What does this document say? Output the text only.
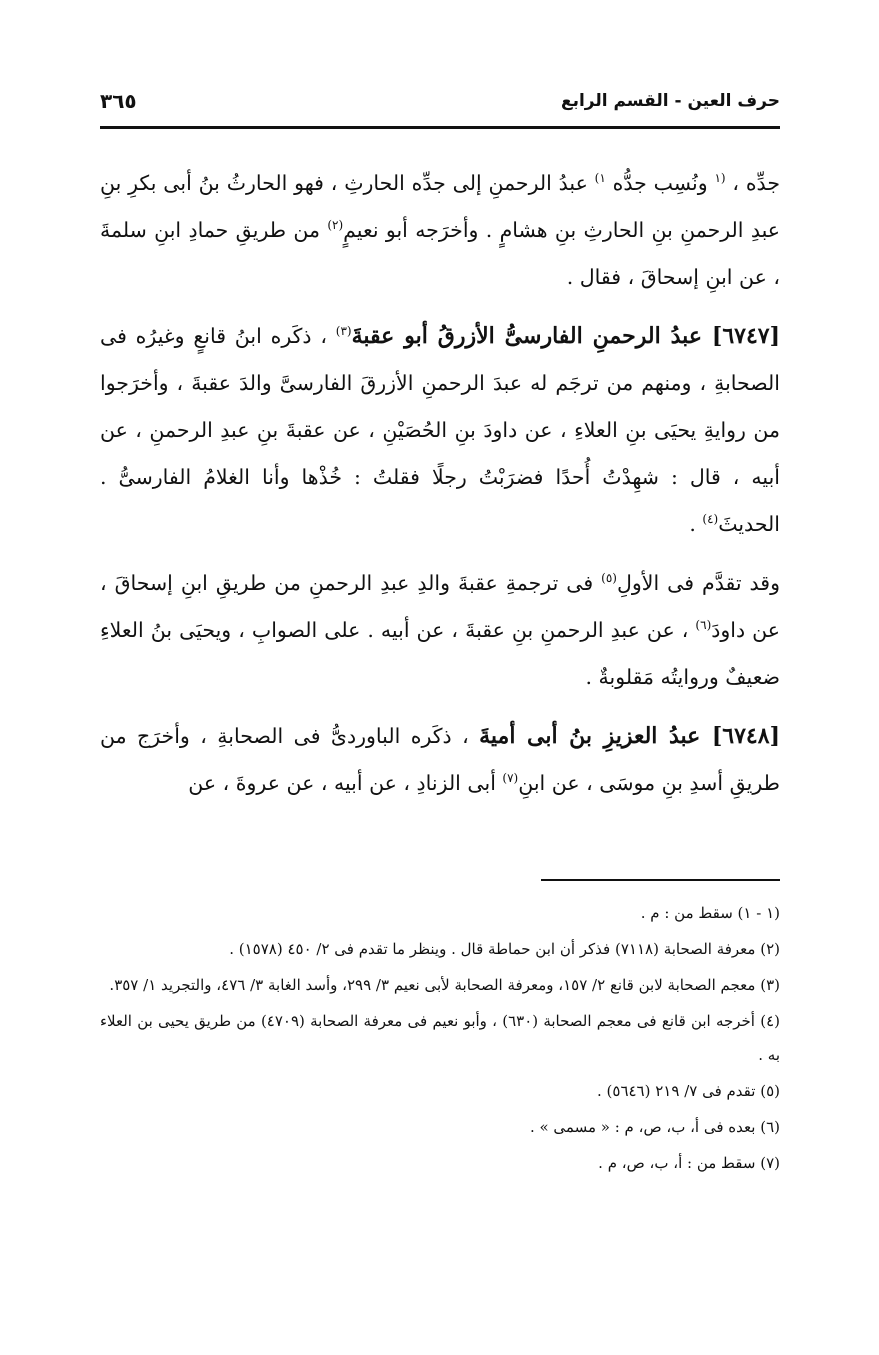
حرف العين - القسم الرابع
٣٦٥

جدِّه ، $^{(١}$ ونُسِب جدُّه $^{١)}$ عبدُ الرحمنِ إلى جدِّه الحارثِ ، فهو الحارثُ بنُ أبى بكرِ بنِ عبدِ الرحمنِ بنِ الحارثِ بنِ هشامٍ . وأخرَجه أبو نعيمٍ$^{(٢)}$ من طريقِ حمادِ ابنِ سلمةَ ، عن ابنِ إسحاقَ ، فقال .

[٦٧٤٧] عبدُ الرحمنِ الفارسىُّ الأزرقُ أبو عقبةَ$^{(٣)}$ ، ذكَره ابنُ قانعٍ وغيرُه فى الصحابةِ ، ومنهم من ترجَم له عبدَ الرحمنِ الأزرقَ الفارسىَّ والدَ عقبةَ ، وأخرَجوا من روايةِ يحيَى بنِ العلاءِ ، عن داودَ بنِ الحُصَيْنِ ، عن عقبةَ بنِ عبدِ الرحمنِ ، عن أبيه ، قال : شهِدْتُ أُحدًا فضرَبْتُ رجلًا فقلتُ : خُذْها وأنا الغلامُ الفارسىُّ . الحديثَ$^{(٤)}$ .

وقد تقدَّم فى الأولِ$^{(٥)}$ فى ترجمةِ عقبةَ والدِ عبدِ الرحمنِ من طريقِ ابنِ إسحاقَ ، عن داودَ$^{(٦)}$ ، عن عبدِ الرحمنِ بنِ عقبةَ ، عن أبيه . على الصوابِ ، ويحيَى بنُ العلاءِ ضعيفٌ وروايتُه مَقلوبةٌ .

[٦٧٤٨] عبدُ العزيزِ بنُ أبى أميةَ ، ذكَره الباوردىُّ فى الصحابةِ ، وأخرَج من طريقِ أسدِ بنِ موسَى ، عن ابنِ$^{(٧)}$ أبى الزنادِ ، عن أبيه ، عن عروةَ ، عن

(١ - ١) سقط من : م .

(٢) معرفة الصحابة (٧١١٨) فذكر أن ابن حماطة قال . وينظر ما تقدم فى ٢/ ٤٥٠ (١٥٧٨) .

(٣) معجم الصحابة لابن قانع ٢/ ١٥٧، ومعرفة الصحابة لأبى نعيم ٣/ ٢٩٩، وأسد الغابة ٣/ ٤٧٦، والتجريد ١/ ٣٥٧.

(٤) أخرجه ابن قانع فى معجم الصحابة (٦٣٠) ، وأبو نعيم فى معرفة الصحابة (٤٧٠٩) من طريق يحيى بن العلاء به .

(٥) تقدم فى ٧/ ٢١٩ (٥٦٤٦) .

(٦) بعده فى أ، ب، ص، م : « مسمى » .

(٧) سقط من : أ، ب، ص، م .
